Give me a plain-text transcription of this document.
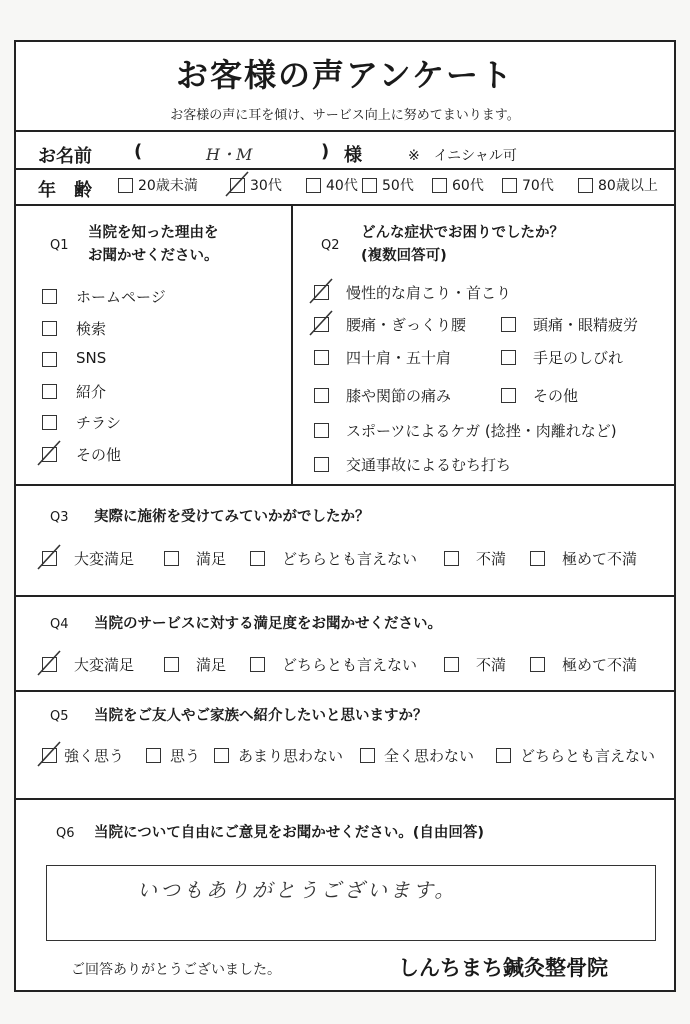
お客様の声アンケート
お客様の声に耳を傾け、サービス向上に努めてまいります。
お名前 (	H・M	) 様	※　イニシャル可
年　齢
Q1
当院を知った理由を
お聞かせください。
Q2
どんな症状でお困りでしたか？
(複数回答可)
Q3 実際に施術を受けてみていかがでしたか？
Q4 当院のサービスに対する満足度をお聞かせください。
Q5 当院をご友人やご家族へ紹介したいと思いますか？
Q6 当院について自由にご意見をお聞かせください。(自由回答)
いつもありがとうございます。
ご回答ありがとうございました。	しんちまち鍼灸整骨院
20歳未満	30代	40代 50代	60代	70代	80歳以上
ホームページ
検索
SNS
紹介
チラシ
その他
慢性的な肩こり・首こり
腰痛・ぎっくり腰	頭痛・眼精疲労
四十肩・五十肩	手足のしびれ
膝や関節の痛み	その他
スポーツによるケガ (捻挫・肉離れなど)
交通事故によるむち打ち
大変満足	満足	どちらとも言えない	不満	極めて不満
大変満足	満足	どちらとも言えない	不満	極めて不満
強く思う	思う	あまり思わない	全く思わない	どちらとも言えない
